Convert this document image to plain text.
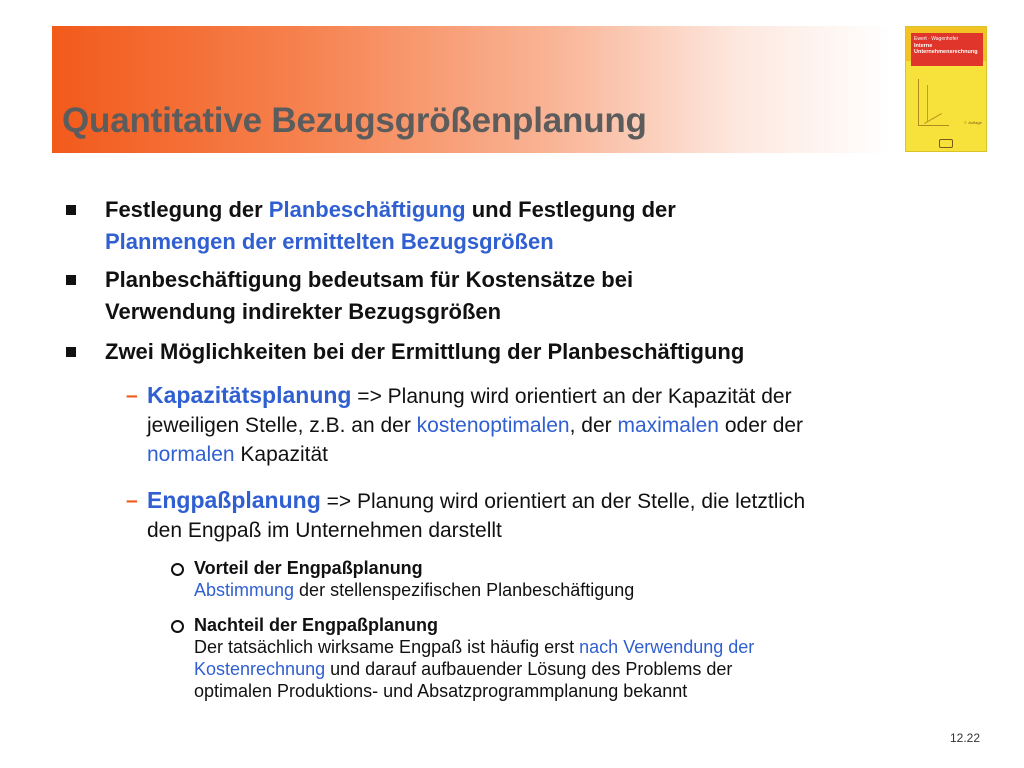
Quantitative Bezugsgrößenplanung
Ewert · Wagenhofer
Interne
Unternehmensrechnung
7. Auflage
Festlegung der Planbeschäftigung und Festlegung der
Planmengen der ermittelten Bezugsgrößen
Planbeschäftigung bedeutsam für Kostensätze bei
Verwendung indirekter Bezugsgrößen
Zwei Möglichkeiten bei der Ermittlung der Planbeschäftigung
– Kapazitätsplanung => Planung wird orientiert an der Kapazität der
jeweiligen Stelle, z.B. an der kostenoptimalen, der maximalen oder der
normalen Kapazität
– Engpaßplanung => Planung wird orientiert an der Stelle, die letztlich
den Engpaß im Unternehmen darstellt
Vorteil der Engpaßplanung
Abstimmung der stellenspezifischen Planbeschäftigung
Nachteil der Engpaßplanung
Der tatsächlich wirksame Engpaß ist häufig erst nach Verwendung der
Kostenrechnung und darauf aufbauender Lösung des Problems der
optimalen Produktions- und Absatzprogrammplanung bekannt
12.22
